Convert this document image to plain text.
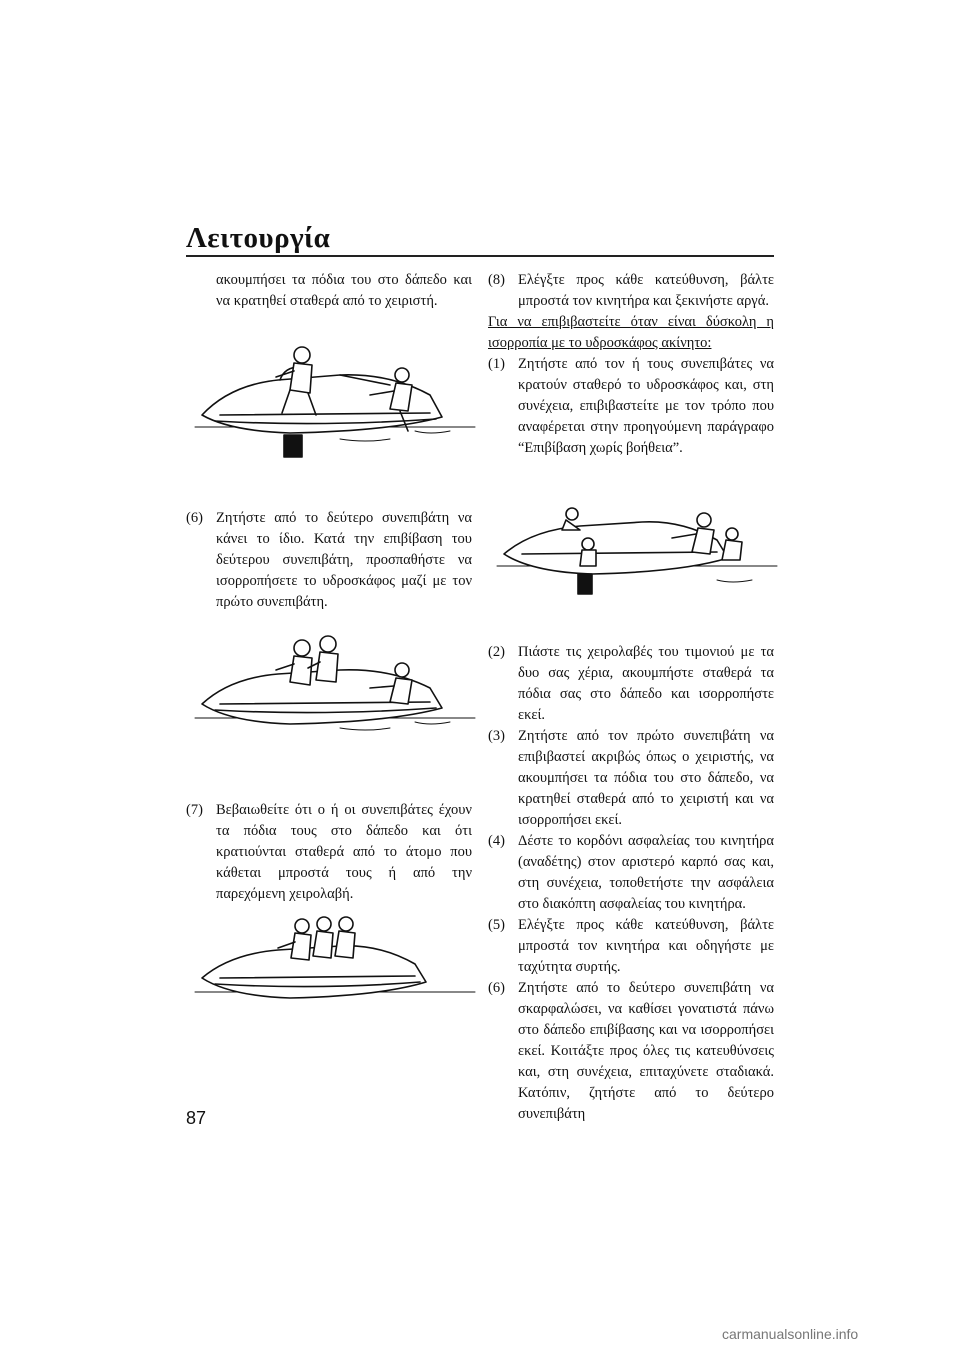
Λειτουργία

ακουμπήσει τα πόδια του στο δάπεδο και να κρατηθεί σταθερά από το χειριστή.

(6) Ζητήστε από το δεύτερο συνεπιβάτη να κάνει το ίδιο. Κατά την επιβίβαση του δεύτερου συνεπιβάτη, προσπαθήστε να ισορροπήσετε το υδροσκάφος μαζί με τον πρώτο συνεπιβάτη.

(7) Βεβαιωθείτε ότι ο ή οι συνεπιβάτες έχουν τα πόδια τους στο δάπεδο και ότι κρατιούνται σταθερά από το άτομο που κάθεται μπροστά τους ή από την παρεχόμενη χειρολαβή.

(8) Ελέγξτε προς κάθε κατεύθυνση, βάλτε μπροστά τον κινητήρα και ξεκινήστε αργά.

Για να επιβιβαστείτε όταν είναι δύσκολη η ισορροπία με το υδροσκάφος ακίνητο:

(1) Ζητήστε από τον ή τους συνεπιβάτες να κρατούν σταθερό το υδροσκάφος και, στη συνέχεια, επιβιβαστείτε με τον τρόπο που αναφέρεται στην προηγούμενη παράγραφο “Επιβίβαση χωρίς βοήθεια”.

(2) Πιάστε τις χειρολαβές του τιμονιού με τα δυο σας χέρια, ακουμπήστε σταθερά τα πόδια σας στο δάπεδο και ισορροπήστε εκεί.

(3) Ζητήστε από τον πρώτο συνεπιβάτη να επιβιβαστεί ακριβώς όπως ο χειριστής, να ακουμπήσει τα πόδια του στο δάπεδο, να κρατηθεί σταθερά από το χειριστή και να ισορροπήσει εκεί.

(4) Δέστε το κορδόνι ασφαλείας του κινητήρα (αναδέτης) στον αριστερό καρπό σας και, στη συνέχεια, τοποθετήστε την ασφάλεια στο διακόπτη ασφαλείας του κινητήρα.

(5) Ελέγξτε προς κάθε κατεύθυνση, βάλτε μπροστά τον κινητήρα και οδηγήστε με ταχύτητα συρτής.

(6) Ζητήστε από το δεύτερο συνεπιβάτη να σκαρφαλώσει, να καθίσει γονατιστά πάνω στο δάπεδο επιβίβασης και να ισορροπήσει εκεί. Κοιτάξτε προς όλες τις κατευθύνσεις και, στη συνέχεια, επιταχύνετε σταδιακά. Κατόπιν, ζητήστε από το δεύτερο συνεπιβάτη

87
carmanualsonline.info
